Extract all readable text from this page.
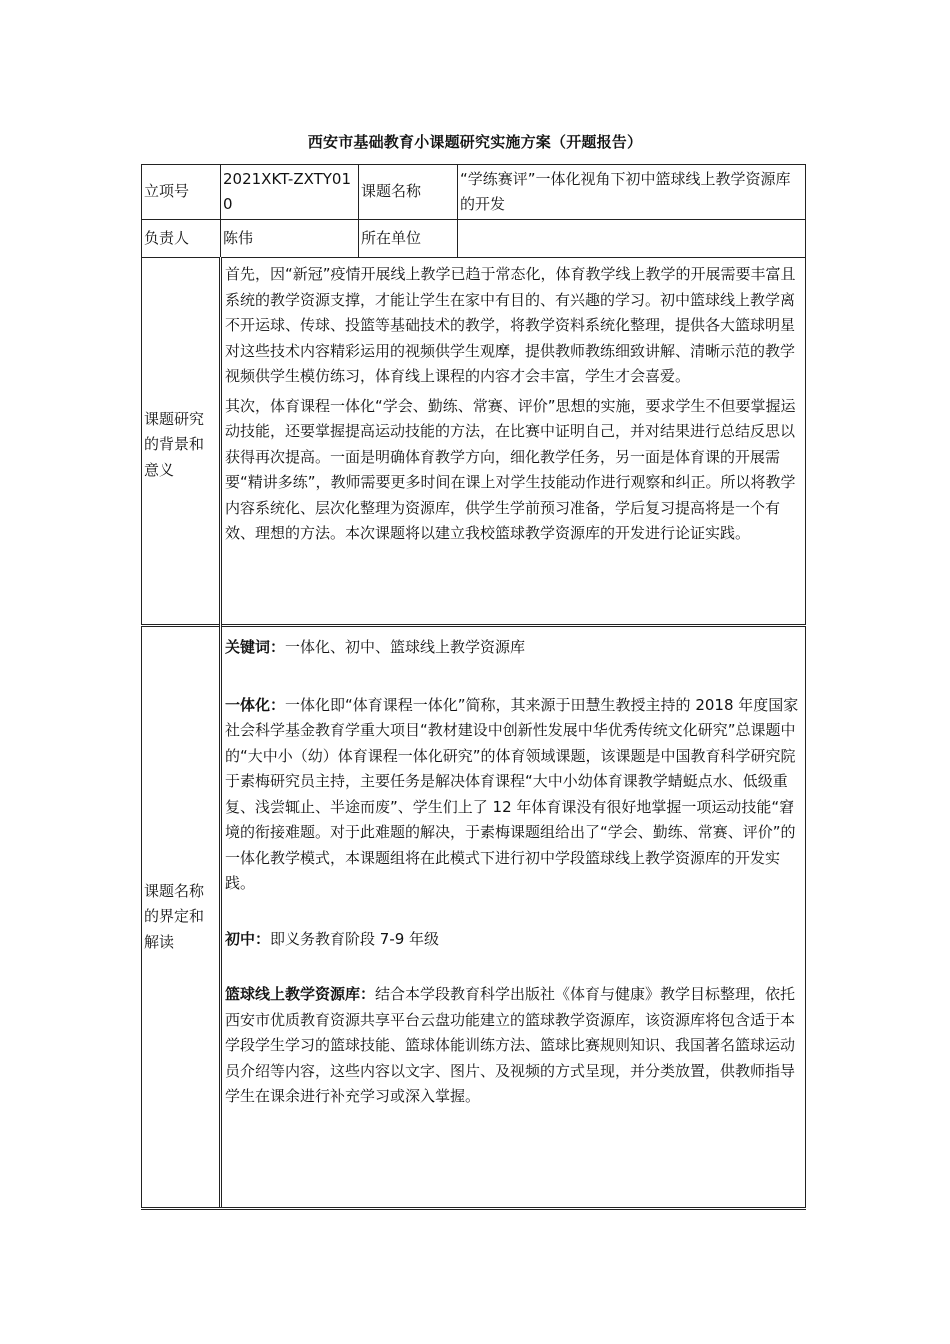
西安市基础教育小课题研究实施方案（开题报告）
立项号	2021XKT-ZXTY010	课题名称	“学练赛评”一体化视角下初中篮球线上教学资源库的开发
负责人	陈伟	所在单位	
课题研究的背景和意义	首先，因“新冠”疫情开展线上教学已趋于常态化，体育教学线上教学的开展需要丰富且系统的教学资源支撑，才能让学生在家中有目的、有兴趣的学习。初中篮球线上教学离不开运球、传球、投篮等基础技术的教学，将教学资料系统化整理，提供各大篮球明星对这些技术内容精彩运用的视频供学生观摩，提供教师教练细致讲解、清晰示范的教学视频供学生模仿练习，体育线上课程的内容才会丰富，学生才会喜爱。

其次，体育课程一体化“学会、勤练、常赛、评价”思想的实施，要求学生不但要掌握运动技能，还要掌握提高运动技能的方法，在比赛中证明自己，并对结果进行总结反思以获得再次提高。一面是明确体育教学方向，细化教学任务，另一面是体育课的开展需要“精讲多练”，教师需要更多时间在课上对学生技能动作进行观察和纠正。所以将教学内容系统化、层次化整理为资源库，供学生学前预习准备，学后复习提高将是一个有效、理想的方法。本次课题将以建立我校篮球教学资源库的开发进行论证实践。		

课题名称的界定和解读	关键词：一体化、初中、篮球线上教学资源库

一体化：一体化即“体育课程一体化”简称，其来源于田慧生教授主持的 2018 年度国家社会科学基金教育学重大项目“教材建设中创新性发展中华优秀传统文化研究”总课题中的“大中小（幼）体育课程一体化研究”的体育领域课题，该课题是中国教育科学研究院于素梅研究员主持，主要任务是解决体育课程“大中小幼体育课教学蜻蜓点水、低级重复、浅尝辄止、半途而废”、学生们上了 12 年体育课没有很好地掌握一项运动技能“窘境的衔接难题。对于此难题的解决，于素梅课题组给出了“学会、勤练、常赛、评价”的一体化教学模式，本课题组将在此模式下进行初中学段篮球线上教学资源库的开发实践。

初中：即义务教育阶段 7-9 年级

篮球线上教学资源库：结合本学段教育科学出版社《体育与健康》教学目标整理，依托西安市优质教育资源共享平台云盘功能建立的篮球教学资源库，该资源库将包含适于本学段学生学习的篮球技能、篮球体能训练方法、篮球比赛规则知识、我国著名篮球运动员介绍等内容，这些内容以文字、图片、及视频的方式呈现，并分类放置，供教师指导学生在课余进行补充学习或深入掌握。		
